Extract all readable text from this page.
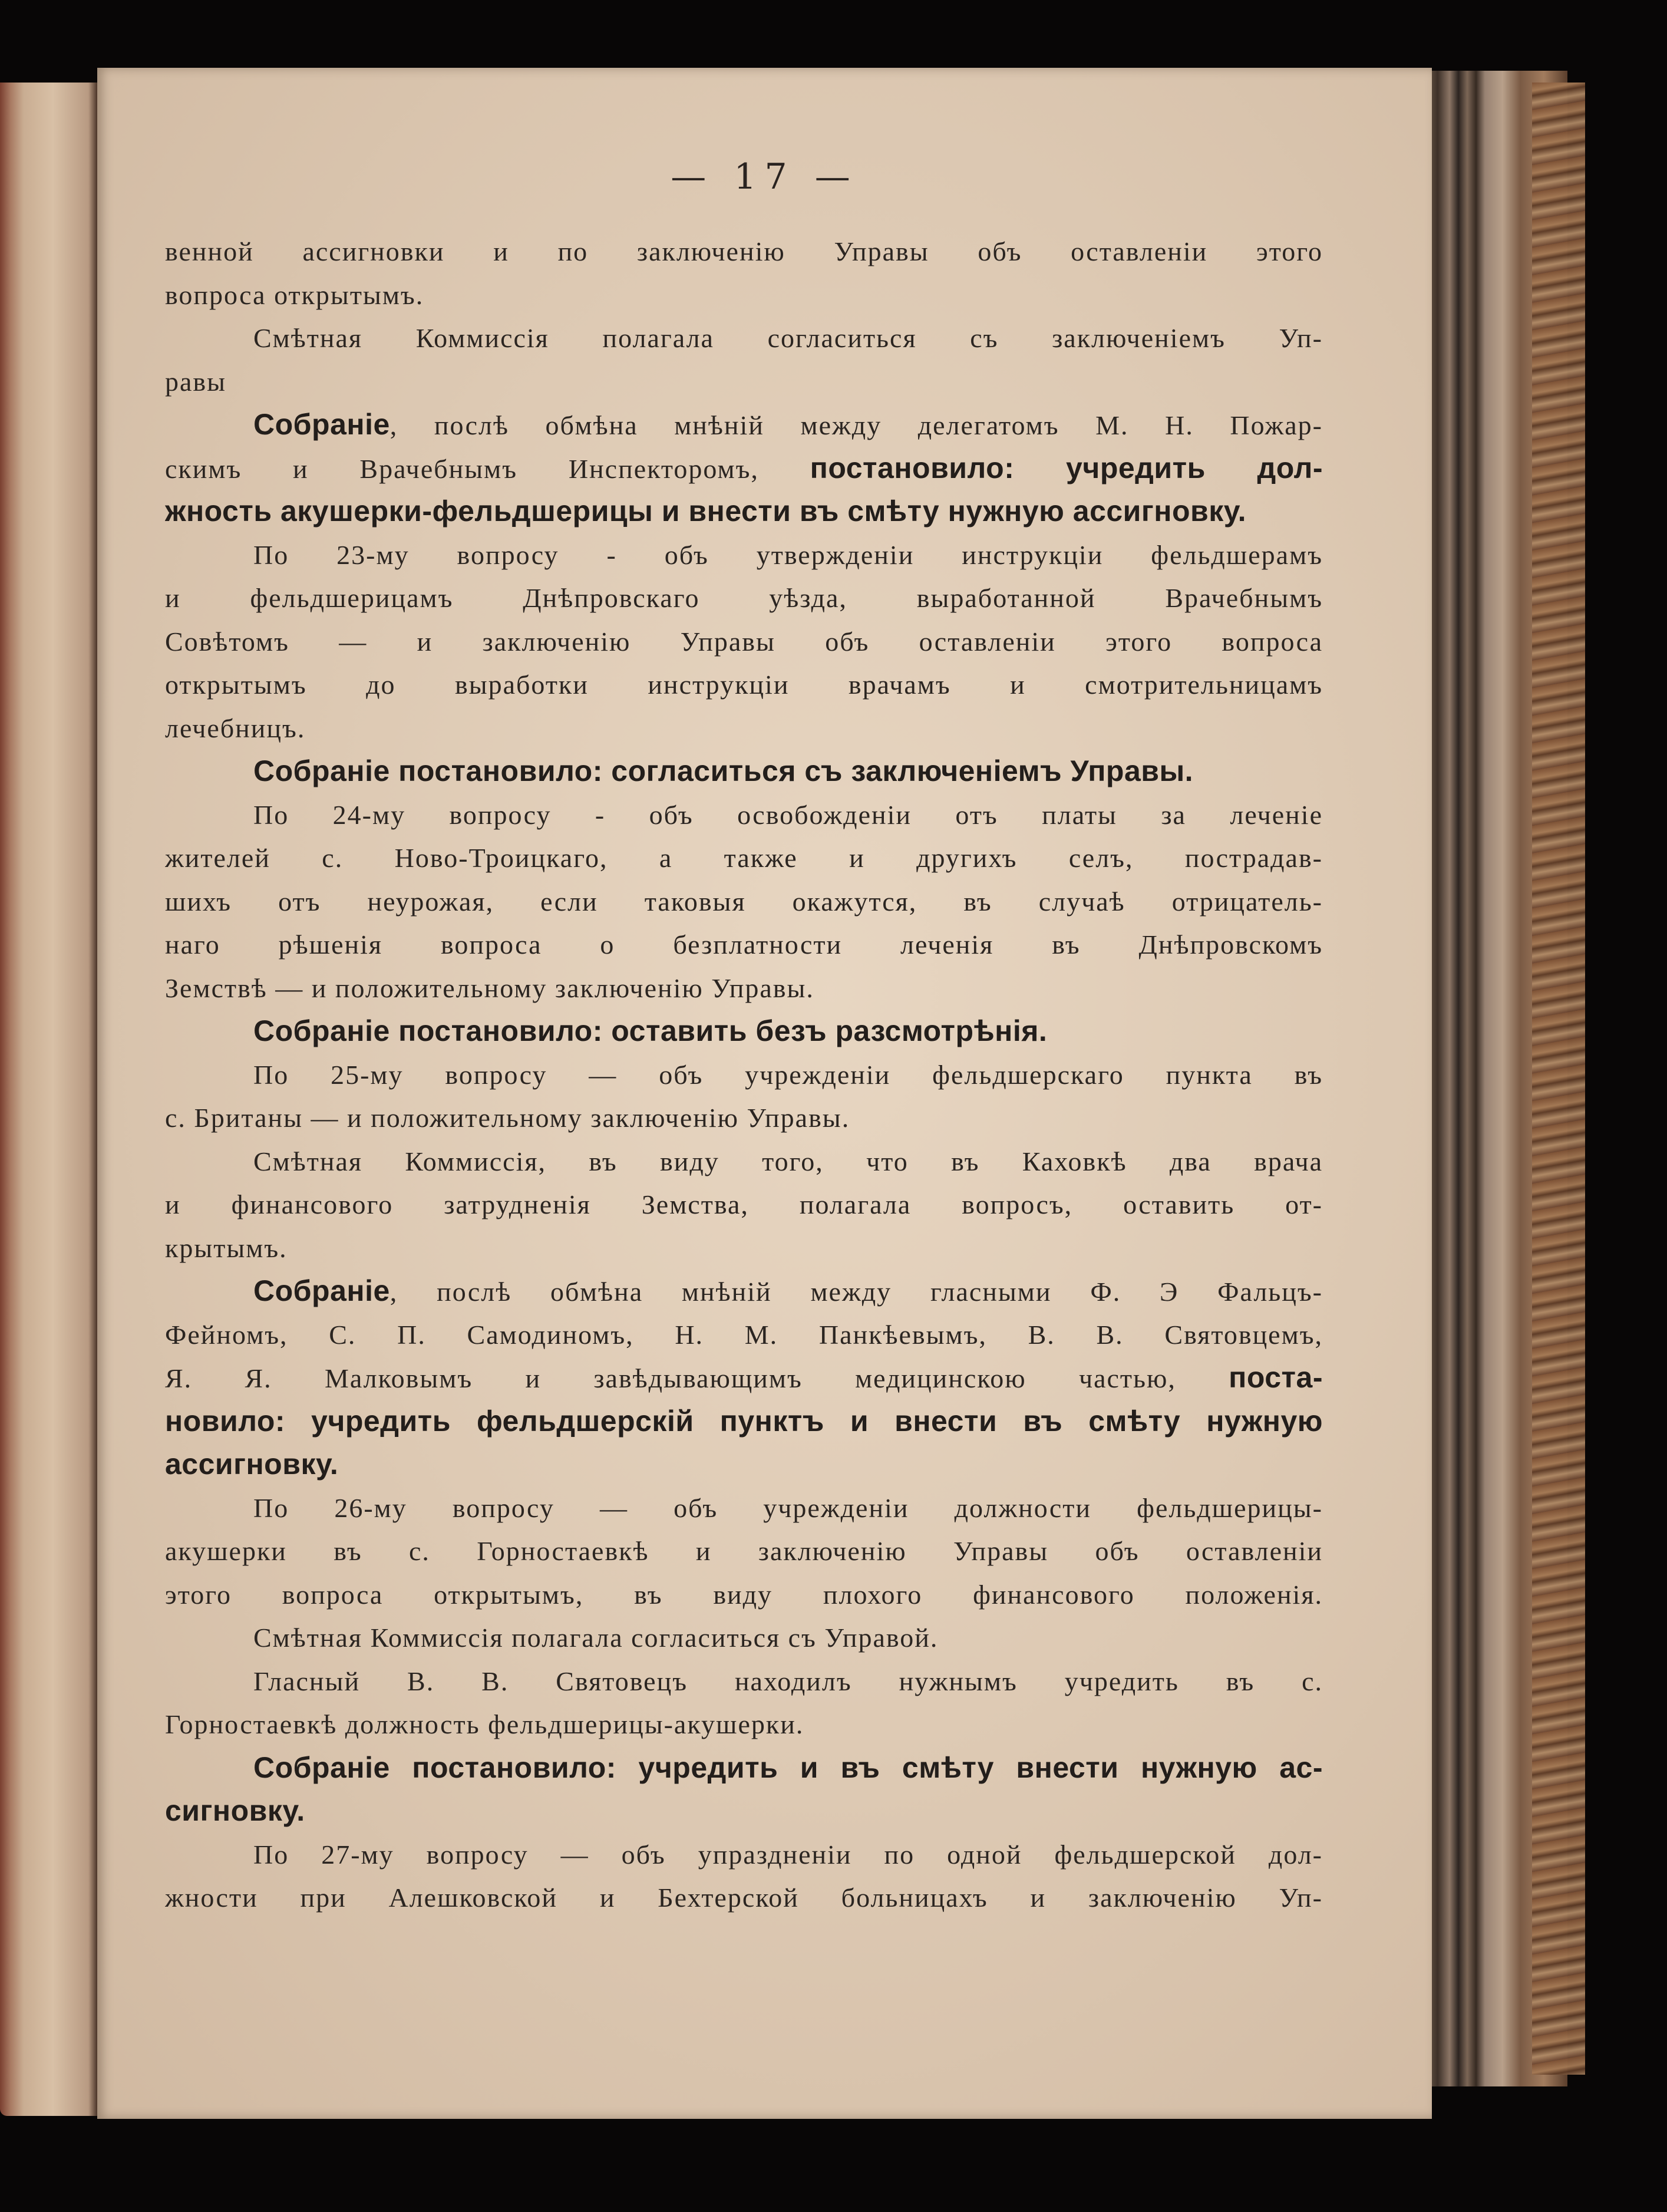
— 17 —
венной ассигновки и по заключенію Управы объ оставленіи этого
вопроса открытымъ.
Смѣтная Коммиссія полагала согласиться съ заключеніемъ Уп-
равы
Собраніе, послѣ обмѣна мнѣній между делегатомъ М. Н. Пожар-
скимъ и Врачебнымъ Инспекторомъ, постановило: учредить дол-
жность акушерки-фельдшерицы и внести въ смѣту нужную ассигновку.
По 23-му вопросу - объ утвержденіи инструкціи фельдшерамъ
и фельдшерицамъ Днѣпровскаго уѣзда, выработанной Врачебнымъ
Совѣтомъ — и заключенію Управы объ оставленіи этого вопроса
открытымъ до выработки инструкціи врачамъ и смотрительницамъ
лечебницъ.
Собраніе постановило: согласиться съ заключеніемъ Управы.
По 24-му вопросу - объ освобожденіи отъ платы за леченіе
жителей с. Ново-Троицкаго, а также и другихъ селъ, пострадав-
шихъ отъ неурожая, если таковыя окажутся, въ случаѣ отрицатель-
наго рѣшенія вопроса о безплатности леченія въ Днѣпровскомъ
Земствѣ — и положительному заключенію Управы.
Собраніе постановило: оставить безъ разсмотрѣнія.
По 25-му вопросу — объ учрежденіи фельдшерскаго пункта въ
с. Британы — и положительному заключенію Управы.
Смѣтная Коммиссія, въ виду того, что въ Каховкѣ два врача
и финансового затрудненія Земства, полагала вопросъ, оставить от-
крытымъ.
Собраніе, послѣ обмѣна мнѣній между гласными Ф. Э Фальцъ-
Фейномъ, С. П. Самодиномъ, Н. М. Панкѣевымъ, В. В. Святовцемъ,
Я. Я. Малковымъ и завѣдывающимъ медицинскою частью, поста-
новило: учредить фельдшерскій пунктъ и внести въ смѣту нужную
ассигновку.
По 26-му вопросу — объ учрежденіи должности фельдшерицы-
акушерки въ с. Горностаевкѣ и заключенію Управы объ оставленіи
этого вопроса открытымъ, въ виду плохого финансового положенія.
Смѣтная Коммиссія полагала согласиться съ Управой.
Гласный В. В. Святовецъ находилъ нужнымъ учредить въ с.
Горностаевкѣ должность фельдшерицы-акушерки.
Собраніе постановило: учредить и въ смѣту внести нужную ас-
сигновку.
По 27-му вопросу — объ упраздненіи по одной фельдшерской дол-
жности при Алешковской и Бехтерской больницахъ и заключенію Уп-
